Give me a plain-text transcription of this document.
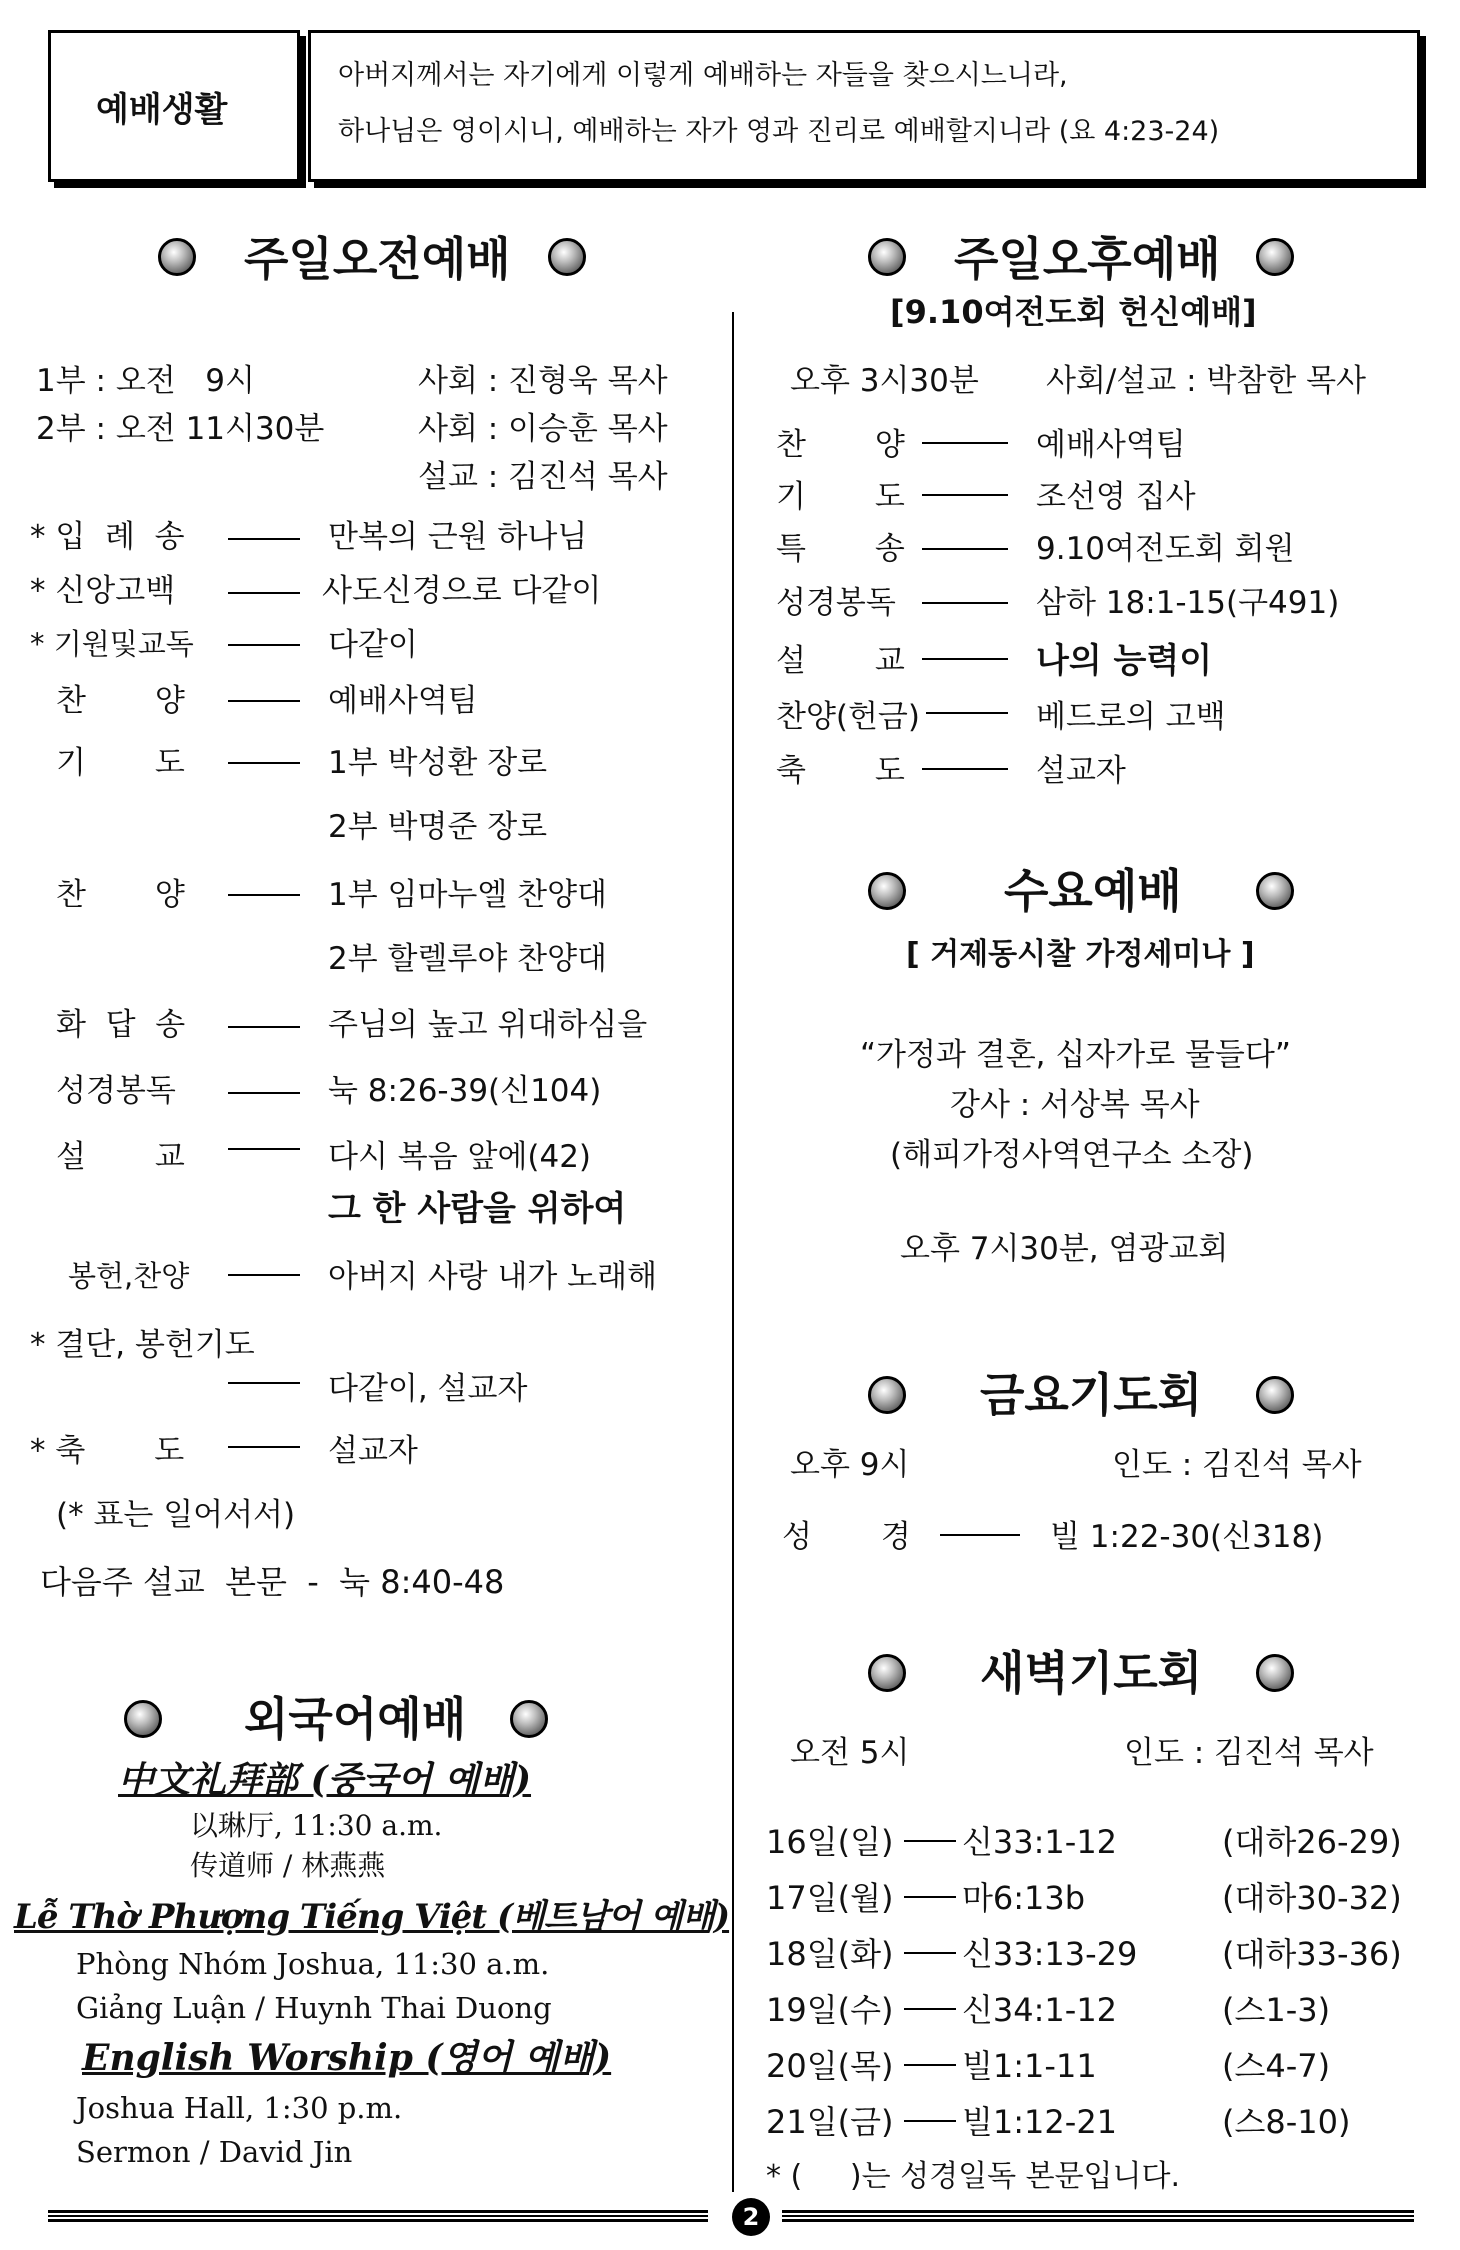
예배생활
아버지께서는 자기에게 이렇게 예배하는 자들을 찾으시느니라,
하나님은 영이시니, 예배하는 자가 영과 진리로 예배할지니라 (요 4:23-24)
주일오전예배
1부 : 오전   9시	사회 : 진형욱 목사
2부 : 오전 11시30분	사회 : 이승훈 목사
설교 : 김진석 목사
* 입  례  송	만복의 근원 하나님
* 신앙고백	사도신경으로 다같이
* 기원및교독	다같이
찬       양	예배사역팀
기       도	1부 박성환 장로
2부 박명준 장로
찬       양	1부 임마누엘 찬양대
2부 할렐루야 찬양대
화  답  송	주님의 높고 위대하심을
성경봉독	눅 8:26-39(신104)
설       교	다시 복음 앞에(42)
그 한 사람을 위하여
봉헌,찬양	아버지 사랑 내가 노래해
* 결단, 봉헌기도
다같이, 설교자
* 축       도	설교자
(* 표는 일어서서)
다음주 설교  본문  -  눅 8:40-48
외국어예배
中文礼拜部 (중국어 예배)
以琳厅, 11:30 a.m.
传道师 / 林燕燕
Lễ Thờ Phượng Tiếng Việt (베트남어 예배)
Phòng Nhóm Joshua, 11:30 a.m.
Giảng Luận / Huynh Thai Duong
English Worship (영어 예배)
Joshua Hall, 1:30 p.m.
Sermon / David Jin
주일오후예배
[9.10여전도회 헌신예배]
오후 3시30분 사회/설교 : 박참한 목사
찬       양	예배사역팀
기       도	조선영 집사
특       송	9.10여전도회 회원
성경봉독	삼하 18:1-15(구491)
설       교	나의 능력이
찬양(헌금)	베드로의 고백
축       도	설교자
수요예배
[ 거제동시찰 가정세미나 ]
“가정과 결혼, 십자가로 물들다”
강사 : 서상복 목사
(해피가정사역연구소 소장)
오후 7시30분, 염광교회
금요기도회
오후 9시	인도 : 김진석 목사
성       경	빌 1:22-30(신318)
새벽기도회
오전 5시	인도 : 김진석 목사
16일(일) 신33:1-12	(대하26-29)
17일(월) 마6:13b	(대하30-32)
18일(화) 신33:13-29	(대하33-36)
19일(수) 신34:1-12	(스1-3)
20일(목) 빌1:1-11	(스4-7)
21일(금) 빌1:12-21	(스8-10)
* (     )는 성경일독 본문입니다.
2
